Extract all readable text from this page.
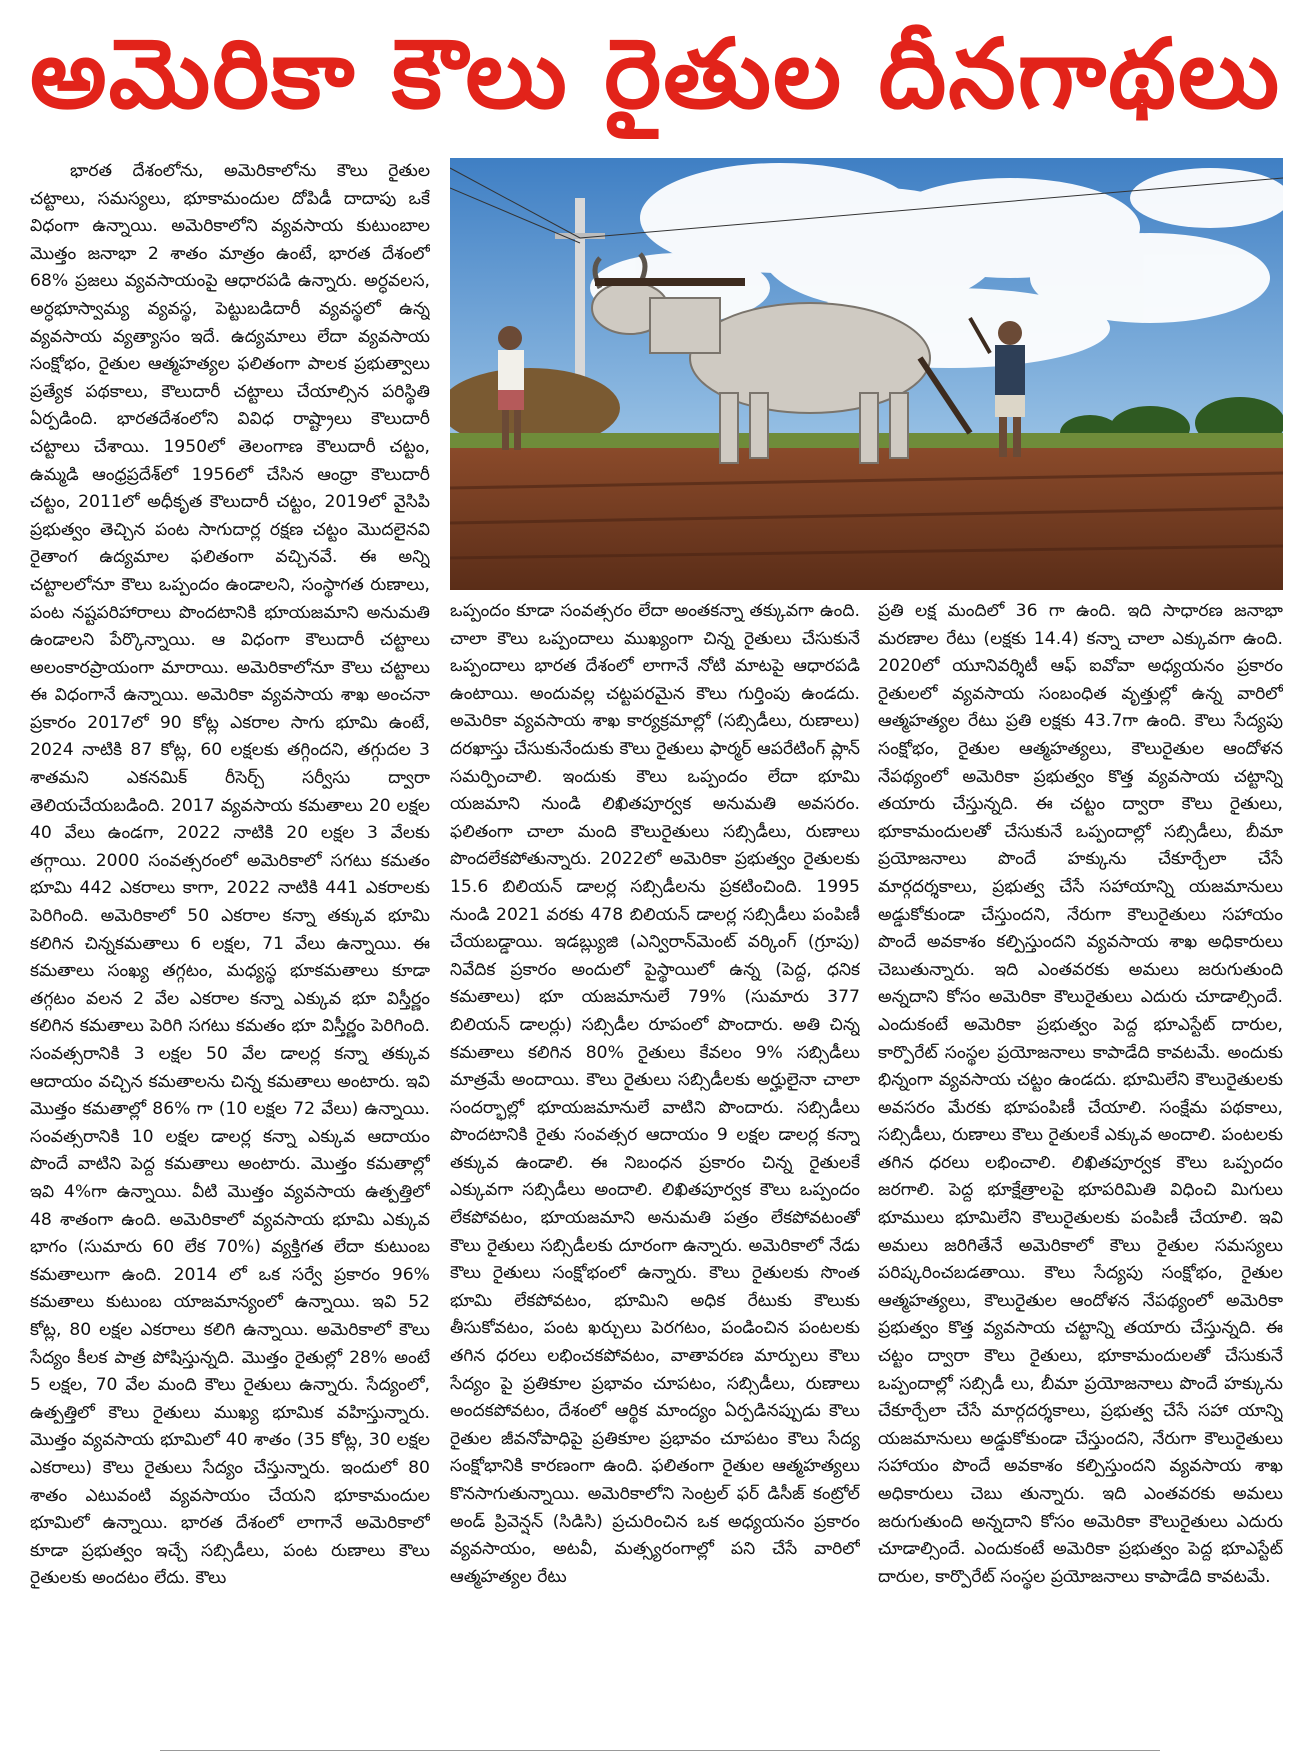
అమెరికా కౌలు రైతుల దీనగాథలు

భారత దేశంలోను, అమెరికాలోను కౌలు రైతుల చట్టాలు, సమస్యలు, భూకామందుల దోపిడీ దాదాపు ఒకే విధంగా ఉన్నాయి. అమెరికాలోని వ్యవసాయ కుటుంబాల మొత్తం జనాభా 2 శాతం మాత్రం ఉంటే, భారత దేశంలో 68% ప్రజలు వ్యవసాయంపై ఆధారపడి ఉన్నారు. అర్ధవలస, అర్ధభూస్వామ్య వ్యవస్థ, పెట్టుబడిదారీ వ్యవస్థలో ఉన్న వ్యవసాయ వ్యత్యాసం ఇదే. ఉద్యమాలు లేదా వ్యవసాయ సంక్షోభం, రైతుల ఆత్మహత్యల ఫలితంగా పాలక ప్రభుత్వాలు ప్రత్యేక పథకాలు, కౌలుదారీ చట్టాలు చేయాల్సిన పరిస్థితి ఏర్పడింది. భారతదేశంలోని వివిధ రాష్ట్రాలు కౌలుదారీ చట్టాలు చేశాయి. 1950లో తెలంగాణ కౌలుదారీ చట్టం, ఉమ్మడి ఆంధ్రప్రదేశ్‌లో 1956లో చేసిన ఆంధ్రా కౌలుదారీ చట్టం, 2011లో అధీకృత కౌలుదారీ చట్టం, 2019లో వైసిపి ప్రభుత్వం తెచ్చిన పంట సాగుదార్ల రక్షణ చట్టం మొదలైనవి రైతాంగ ఉద్యమాల ఫలితంగా వచ్చినవే. ఈ అన్ని చట్టాలలోనూ కౌలు ఒప్పందం ఉండాలని, సంస్థాగత రుణాలు, పంట నష్టపరిహారాలు పొందటానికి భూయజమాని అనుమతి ఉండాలని పేర్కొన్నాయి. ఆ విధంగా కౌలుదారీ చట్టాలు అలంకారప్రాయంగా మారాయి. అమెరికాలోనూ కౌలు చట్టాలు ఈ విధంగానే ఉన్నాయి. అమెరికా వ్యవసాయ శాఖ అంచనా ప్రకారం 2017లో 90 కోట్ల ఎకరాల సాగు భూమి ఉంటే, 2024 నాటికి 87 కోట్ల, 60 లక్షలకు తగ్గిందని, తగ్గుదల 3 శాతమని ఎకనమిక్ రీసెర్చ్ సర్వీసు ద్వారా తెలియచేయబడింది. 2017 వ్యవసాయ కమతాలు 20 లక్షల 40 వేలు ఉండగా, 2022 నాటికి 20 లక్షల 3 వేలకు తగ్గాయి. 2000 సంవత్సరంలో అమెరికాలో సగటు కమతం భూమి 442 ఎకరాలు కాగా, 2022 నాటికి 441 ఎకరాలకు పెరిగింది. అమెరికాలో 50 ఎకరాల కన్నా తక్కువ భూమి కలిగిన చిన్నకమతాలు 6 లక్షల, 71 వేలు ఉన్నాయి. ఈ కమతాలు సంఖ్య తగ్గటం, మధ్యస్థ భూకమతాలు కూడా తగ్గటం వలన 2 వేల ఎకరాల కన్నా ఎక్కువ భూ విస్తీర్ణం కలిగిన కమతాలు పెరిగి సగటు కమతం భూ విస్తీర్ణం పెరిగింది. సంవత్సరానికి 3 లక్షల 50 వేల డాలర్ల కన్నా తక్కువ ఆదాయం వచ్చిన కమతాలను చిన్న కమతాలు అంటారు. ఇవి మొత్తం కమతాల్లో 86% గా (10 లక్షల 72 వేలు) ఉన్నాయి. సంవత్సరానికి 10 లక్షల డాలర్ల కన్నా ఎక్కువ ఆదాయం పొందే వాటిని పెద్ద కమతాలు అంటారు. మొత్తం కమతాల్లో ఇవి 4%గా ఉన్నాయి. వీటి మొత్తం వ్యవసాయ ఉత్పత్తిలో 48 శాతంగా ఉంది. అమెరికాలో వ్యవసాయ భూమి ఎక్కువ భాగం (సుమారు 60 లేక 70%) వ్యక్తిగత లేదా కుటుంబ కమతాలుగా ఉంది. 2014 లో ఒక సర్వే ప్రకారం 96% కమతాలు కుటుంబ యాజమాన్యంలో ఉన్నాయి. ఇవి 52 కోట్ల, 80 లక్షల ఎకరాలు కలిగి ఉన్నాయి. అమెరికాలో కౌలు సేద్యం కీలక పాత్ర పోషిస్తున్నది. మొత్తం రైతుల్లో 28% అంటే 5 లక్షల, 70 వేల మంది కౌలు రైతులు ఉన్నారు. సేద్యంలో, ఉత్పత్తిలో కౌలు రైతులు ముఖ్య భూమిక వహిస్తున్నారు. మొత్తం వ్యవసాయ భూమిలో 40 శాతం (35 కోట్ల, 30 లక్షల ఎకరాలు) కౌలు రైతులు సేద్యం చేస్తున్నారు. ఇందులో 80 శాతం ఎటువంటి వ్యవసాయం చేయని భూకామందుల భూమిలో ఉన్నాయి. భారత దేశంలో లాగానే అమెరికాలో కూడా ప్రభుత్వం ఇచ్చే సబ్సిడీలు, పంట రుణాలు కౌలు రైతులకు అందటం లేదు. కౌలు

ఒప్పందం కూడా సంవత్సరం లేదా అంతకన్నా తక్కువగా ఉంది. చాలా కౌలు ఒప్పందాలు ముఖ్యంగా చిన్న రైతులు చేసుకునే ఒప్పందాలు భారత దేశంలో లాగానే నోటి మాటపై ఆధారపడి ఉంటాయి. అందువల్ల చట్టపరమైన కౌలు గుర్తింపు ఉండదు. అమెరికా వ్యవసాయ శాఖ కార్యక్రమాల్లో (సబ్సిడీలు, రుణాలు) దరఖాస్తు చేసుకునేందుకు కౌలు రైతులు ఫార్మర్ ఆపరేటింగ్ ప్లాన్ సమర్పించాలి. ఇందుకు కౌలు ఒప్పందం లేదా భూమి యజమాని నుండి లిఖితపూర్వక అనుమతి అవసరం. ఫలితంగా చాలా మంది కౌలురైతులు సబ్సిడీలు, రుణాలు పొందలేకపోతున్నారు. 2022లో అమెరికా ప్రభుత్వం రైతులకు 15.6 బిలియన్ డాలర్ల సబ్సిడీలను ప్రకటించింది. 1995 నుండి 2021 వరకు 478 బిలియన్ డాలర్ల సబ్సిడీలు పంపిణీ చేయబడ్డాయి. ఇడబ్ల్యుజి (ఎన్విరాన్‌మెంట్ వర్కింగ్ (గ్రూపు) నివేదిక ప్రకారం అందులో పైస్థాయిలో ఉన్న (పెద్ద, ధనిక కమతాలు) భూ యజమానులే 79% (సుమారు 377 బిలియన్ డాలర్లు) సబ్సిడీల రూపంలో పొందారు. అతి చిన్న కమతాలు కలిగిన 80% రైతులు కేవలం 9% సబ్సిడీలు మాత్రమే అందాయి. కౌలు రైతులు సబ్సిడీలకు అర్హులైనా చాలా సందర్భాల్లో భూయజమానులే వాటిని పొందారు. సబ్సిడీలు పొందటానికి రైతు సంవత్సర ఆదాయం 9 లక్షల డాలర్ల కన్నా తక్కువ ఉండాలి. ఈ నిబంధన ప్రకారం చిన్న రైతులకే ఎక్కువగా సబ్సిడీలు అందాలి. లిఖితపూర్వక కౌలు ఒప్పందం లేకపోవటం, భూయజమాని అనుమతి పత్రం లేకపోవటంతో కౌలు రైతులు సబ్సిడీలకు దూరంగా ఉన్నారు. అమెరికాలో నేడు కౌలు రైతులు సంక్షోభంలో ఉన్నారు. కౌలు రైతులకు సొంత భూమి లేకపోవటం, భూమిని అధిక రేటుకు కౌలుకు తీసుకోవటం, పంట ఖర్చులు పెరగటం, పండించిన పంటలకు తగిన ధరలు లభించకపోవటం, వాతావరణ మార్పులు కౌలు సేద్యం పై ప్రతికూల ప్రభావం చూపటం, సబ్సిడీలు, రుణాలు అందకపోవటం, దేశంలో ఆర్థిక మాంద్యం ఏర్పడినప్పుడు కౌలు రైతుల జీవనోపాధిపై ప్రతికూల ప్రభావం చూపటం కౌలు సేద్య సంక్షోభానికి కారణంగా ఉంది. ఫలితంగా రైతుల ఆత్మహత్యలు కొనసాగుతున్నాయి. అమెరికాలోని సెంట్రల్ ఫర్ డిసీజ్ కంట్రోల్ అండ్ ప్రివెన్షన్ (సిడిసి) ప్రచురించిన ఒక అధ్యయనం ప్రకారం వ్యవసాయం, అటవీ, మత్స్యరంగాల్లో పని చేసే వారిలో ఆత్మహత్యల రేటు

ప్రతి లక్ష మందిలో 36 గా ఉంది. ఇది సాధారణ జనాభా మరణాల రేటు (లక్షకు 14.4) కన్నా చాలా ఎక్కువగా ఉంది. 2020లో యూనివర్శిటీ ఆఫ్ ఐవోవా అధ్యయనం ప్రకారం రైతులలో వ్యవసాయ సంబంధిత వృత్తుల్లో ఉన్న వారిలో ఆత్మహత్యల రేటు ప్రతి లక్షకు 43.7గా ఉంది. కౌలు సేద్యపు సంక్షోభం, రైతుల ఆత్మహత్యలు, కౌలురైతుల ఆందోళన నేపథ్యంలో అమెరికా ప్రభుత్వం కొత్త వ్యవసాయ చట్టాన్ని తయారు చేస్తున్నది. ఈ చట్టం ద్వారా కౌలు రైతులు, భూకామందులతో చేసుకునే ఒప్పందాల్లో సబ్సిడీలు, బీమా ప్రయోజనాలు పొందే హక్కును చేకూర్చేలా చేసే మార్గదర్శకాలు, ప్రభుత్వ చేసే సహాయాన్ని యజమానులు అడ్డుకోకుండా చేస్తుందని, నేరుగా కౌలురైతులు సహాయం పొందే అవకాశం కల్పిస్తుందని వ్యవసాయ శాఖ అధికారులు చెబుతున్నారు. ఇది ఎంతవరకు అమలు జరుగుతుంది అన్నదాని కోసం అమెరికా కౌలురైతులు ఎదురు చూడాల్సిందే. ఎందుకంటే అమెరికా ప్రభుత్వం పెద్ద భూఎస్టేట్ దారుల, కార్పొరేట్ సంస్థల ప్రయోజనాలు కాపాడేది కావటమే. అందుకు భిన్నంగా వ్యవసాయ చట్టం ఉండదు. భూమిలేని కౌలురైతులకు అవసరం మేరకు భూపంపిణీ చేయాలి. సంక్షేమ పథకాలు, సబ్సిడీలు, రుణాలు కౌలు రైతులకే ఎక్కువ అందాలి. పంటలకు తగిన ధరలు లభించాలి. లిఖితపూర్వక కౌలు ఒప్పందం జరగాలి. పెద్ద భూక్షేత్రాలపై భూపరిమితి విధించి మిగులు భూములు భూమిలేని కౌలురైతులకు పంపిణీ చేయాలి. ఇవి అమలు జరిగితేనే అమెరికాలో కౌలు రైతుల సమస్యలు పరిష్కరించబడతాయి. కౌలు సేద్యపు సంక్షోభం, రైతుల ఆత్మహత్యలు, కౌలురైతుల ఆందోళన నేపథ్యంలో అమెరికా ప్రభుత్వం కొత్త వ్యవసాయ చట్టాన్ని తయారు చేస్తున్నది. ఈ చట్టం ద్వారా కౌలు రైతులు, భూకామందులతో చేసుకునే ఒప్పందాల్లో సబ్సిడీ లు, బీమా ప్రయోజనాలు పొందే హక్కును చేకూర్చేలా చేసే మార్గదర్శకాలు, ప్రభుత్వ చేసే సహా యాన్ని యజమానులు అడ్డుకోకుండా చేస్తుందని, నేరుగా కౌలురైతులు సహాయం పొందే అవకాశం కల్పిస్తుందని వ్యవసాయ శాఖ అధికారులు చెబు తున్నారు. ఇది ఎంతవరకు అమలు జరుగుతుంది అన్నదాని కోసం అమెరికా కౌలురైతులు ఎదురు చూడాల్సిందే. ఎందుకంటే అమెరికా ప్రభుత్వం పెద్ద భూఎస్టేట్ దారుల, కార్పొరేట్ సంస్థల ప్రయోజనాలు కాపాడేది కావటమే.
